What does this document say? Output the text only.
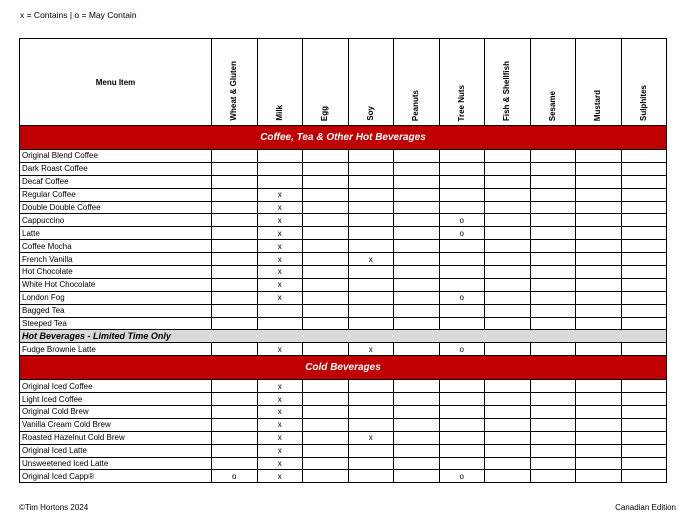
x = Contains | o = May Contain
Menu Item	Wheat & Gluten	Milk	Egg	Soy	Peanuts	Tree Nuts	Fish & Shellfish	Sesame	Mustard	Sulphites
Coffee, Tea & Other Hot Beverages										
Original Blend Coffee										
Dark Roast Coffee										
Decaf Coffee										
Regular Coffee		x								
Double Double Coffee		x								
Cappuccino		x				o				
Latte		x				o				
Coffee Mocha		x								
French Vanilla		x		x						
Hot Chocolate		x								
White Hot Chocolate		x								
London Fog		x				o				
Bagged Tea										
Steeped Tea										
Hot Beverages - Limited Time Only										
Fudge Brownie Latte		x		x		o				
Cold Beverages										
Original Iced Coffee		x								
Light Iced Coffee		x								
Original Cold Brew		x								
Vanilla Cream Cold Brew		x								
Roasted Hazelnut Cold Brew		x		x						
Original Iced Latte		x								
Unsweetened Iced Latte		x								
Original Iced Capp®	o	x				o				
©Tim Hortons 2024	Canadian Edition
